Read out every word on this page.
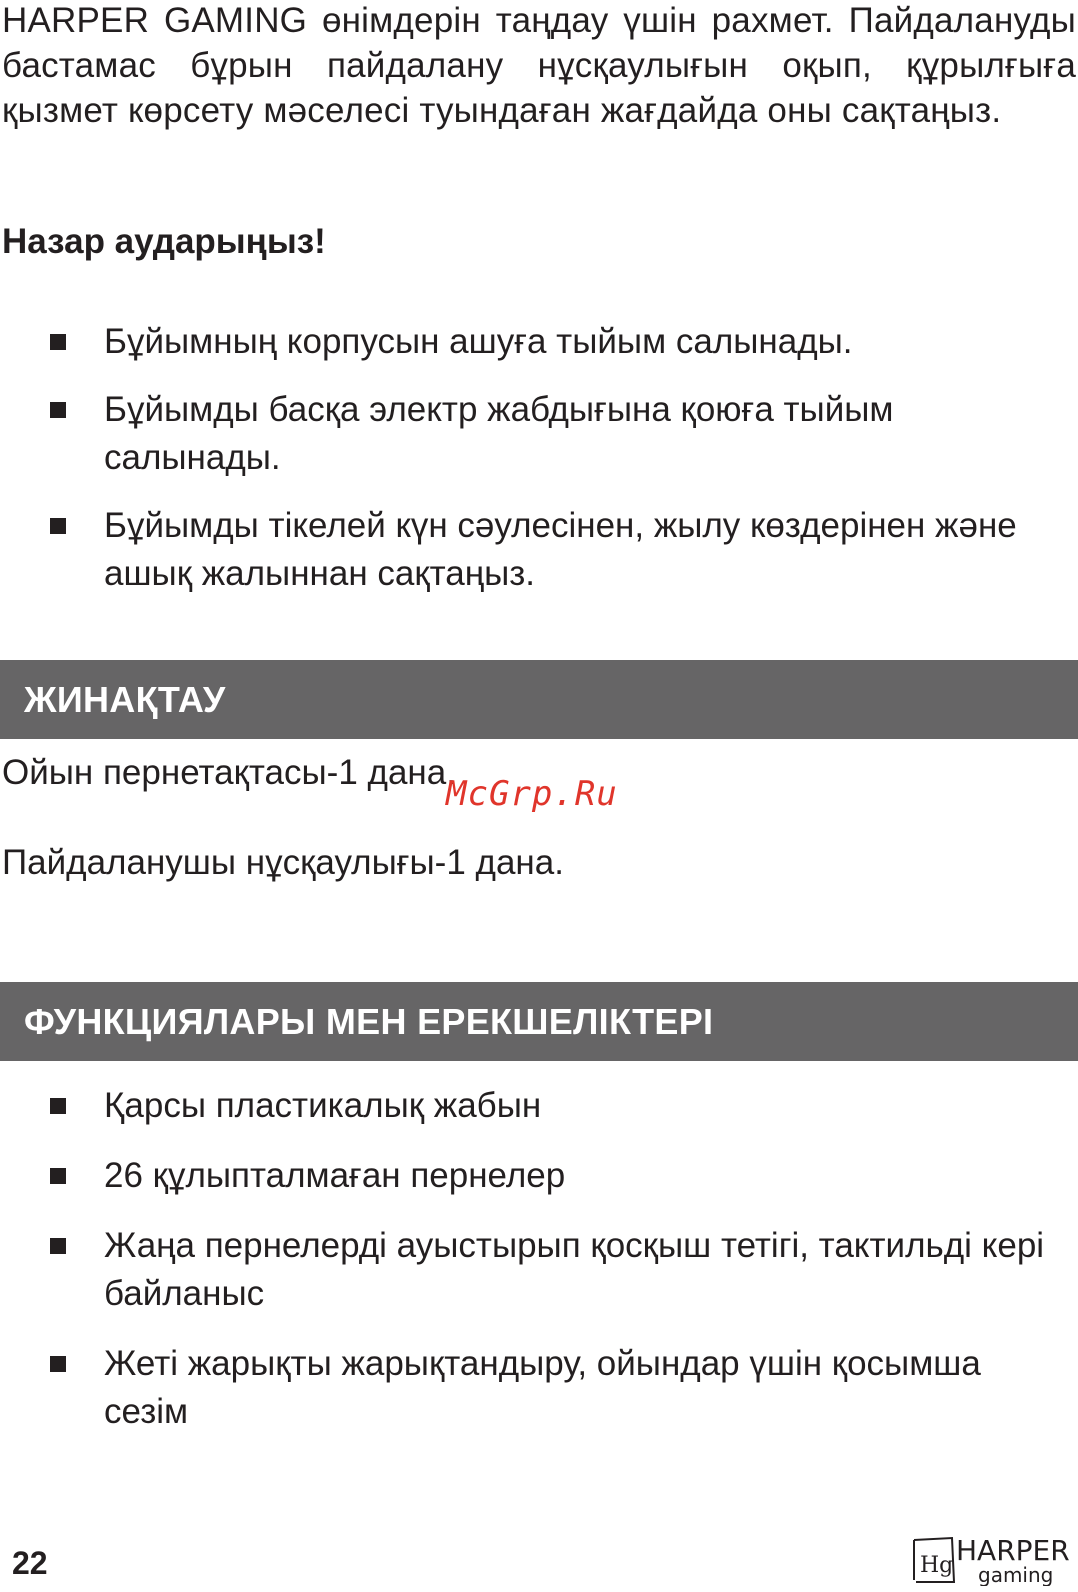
HARPER GAMING өнімдерін таңдау үшін рахмет. Пайдалануды бастамас бұрын пайдалану нұсқаулығын оқып, құрылғыға қызмет көрсету мәселесі туындаған жағдайда оны сақтаңыз.

Назар аударыңыз!

Бұйымның корпусын ашуға тыйым салынады.
Бұйымды басқа электр жабдығына қоюға тыйым салынады.
Бұйымды тікелей күн сәулесінен, жылу көздерінен және ашық жалыннан сақтаңыз.
ЖИНАҚТАУ

Ойын пернетақтасы-1 дана.

Пайдаланушы нұсқаулығы-1 дана.

McGrp.Ru
ФУНКЦИЯЛАРЫ МЕН ЕРЕКШЕЛІКТЕРІ
Қарсы пластикалық жабын
26 құлыпталмаған пернелер
Жаңа пернелерді ауыстырып қосқыш тетігі, тактильді кері байланыс
Жеті жарықты жарықтандыру, ойындар үшін қосымша сезім
22	Hg HARPER
gaming
